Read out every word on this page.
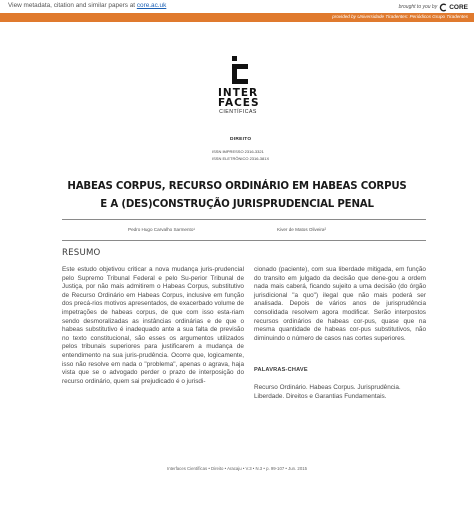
View metadata, citation and similar papers at core.ac.uk	brought to you by CORE
provided by Universidade Tiradentes: Periódicos Grupo Tiradentes
INTER
FACES
CIENTÍFICAS
DIREITO
ISSN IMPRESSO 2316-3321
ISSN ELETRÔNICO 2316-381X
HABEAS CORPUS, RECURSO ORDINÁRIO EM HABEAS CORPUS
E A (DES)CONSTRUÇÃO JURISPRUDENCIAL PENAL
Pedro Hugo Carvalho Sarmento¹	Kiver de Matos Oliveira²
RESUMO
Este estudo objetivou criticar a nova mudança juris-prudencial pelo Supremo Tribunal Federal e pelo Su-perior Tribunal de Justiça, por não mais admitirem o Habeas Corpus, substitutivo de Recurso Ordinário em Habeas Corpus, inclusive em função dos precá-rios motivos apresentados, de exacerbado volume de impetrações de habeas corpus, de que com isso esta-riam sendo desmoralizadas as instâncias ordinárias e de que o habeas substitutivo é inadequado ante a sua falta de previsão no texto constitucional, são esses os argumentos utilizados pelos tribunais superiores para justificarem a mudança de entendimento na sua juris-prudência. Ocorre que, logicamente, isso não resolve em nada o "problema", apenas o agrava, haja vista que se o advogado perder o prazo de interposição do recurso ordinário, quem sai prejudicado é o jurisdi-
cionado (paciente), com sua liberdade mitigada, em função do transito em julgado da decisão que dene-gou a ordem nada mais caberá, ficando sujeito a uma decisão (do órgão jurisdicional "a quo") ilegal que não mais poderá ser analisada. Depois de vários anos de jurisprudência consolidada resolvem agora modificar. Serão interpostos recursos ordinários de habeas cor-pus, quase que na mesma quantidade de habeas cor-pus substitutivos, não diminuindo o número de casos nas cortes superiores.
PALAVRAS-CHAVE
Recurso Ordinário. Habeas Corpus. Jurisprudência. Liberdade. Direitos e Garantias Fundamentais.
Interfaces Científicas • Direito • Aracaju • V.3 • N.3 • p. 99-107 • Jun. 2015
